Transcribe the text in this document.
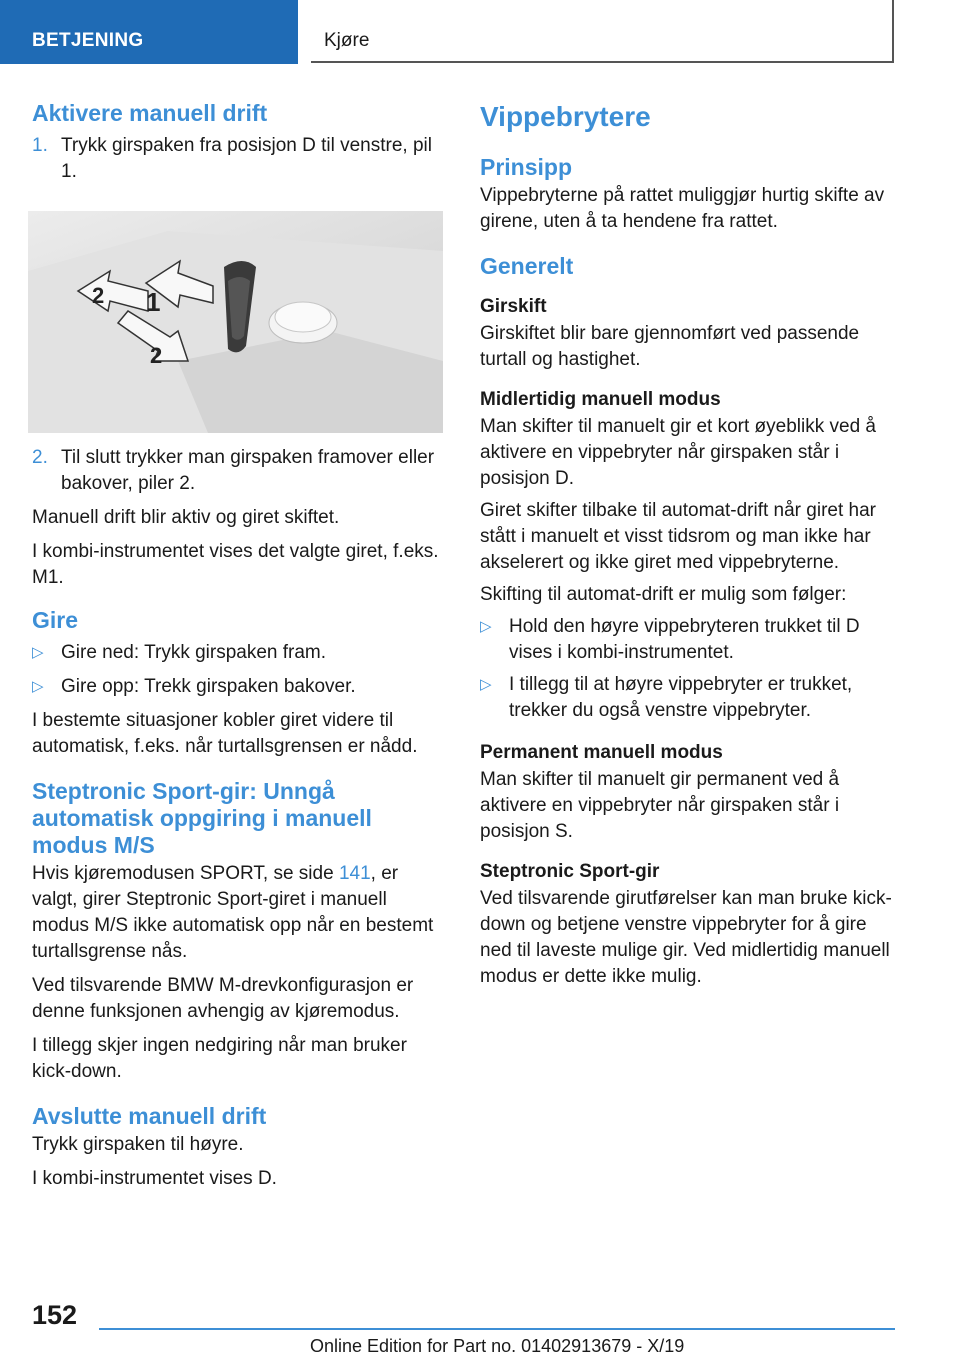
BETJENING	Kjøre
Aktivere manuell drift
1. Trykk girspaken fra posisjon D til venstre, pil 1.
2 1
2
2. Til slutt trykker man girspaken framover eller bakover, piler 2.

Manuell drift blir aktiv og giret skiftet.

I kombi-instrumentet vises det valgte giret, f.eks. M1.

Gire
▷ Gire ned: Trykk girspaken fram.
▷ Gire opp: Trekk girspaken bakover.

I bestemte situasjoner kobler giret videre til automatisk, f.eks. når turtallsgrensen er nådd.

Steptronic Sport-gir: Unngå automatisk oppgiring i manuell modus M/S

Hvis kjøremodusen SPORT, se side 141, er valgt, girer Steptronic Sport-giret i manuell modus M/S ikke automatisk opp når en bestemt turtallsgrense nås.

Ved tilsvarende BMW M-drevkonfigurasjon er denne funksjonen avhengig av kjøremodus.

I tillegg skjer ingen nedgiring når man bruker kick-down.

Avslutte manuell drift

Trykk girspaken til høyre.

I kombi-instrumentet vises D.

Vippebrytere
Prinsipp

Vippebryterne på rattet muliggjør hurtig skifte av girene, uten å ta hendene fra rattet.

Generelt
Girskift

Girskiftet blir bare gjennomført ved passende turtall og hastighet.

Midlertidig manuell modus

Man skifter til manuelt gir et kort øyeblikk ved å aktivere en vippebryter når girspaken står i posisjon D.

Giret skifter tilbake til automat-drift når giret har stått i manuelt et visst tidsrom og man ikke har akselerert og ikke giret med vippebryterne.

Skifting til automat-drift er mulig som følger:

▷ Hold den høyre vippebryteren trukket til D vises i kombi-instrumentet.
▷ I tillegg til at høyre vippebryter er trukket, trekker du også venstre vippebryter.
Permanent manuell modus

Man skifter til manuelt gir permanent ved å aktivere en vippebryter når girspaken står i posisjon S.

Steptronic Sport-gir

Ved tilsvarende girutførelser kan man bruke kick-down og betjene venstre vippebryter for å gire ned til laveste mulige gir. Ved midlertidig manuell modus er dette ikke mulig.

152
Online Edition for Part no. 01402913679 - X/19
